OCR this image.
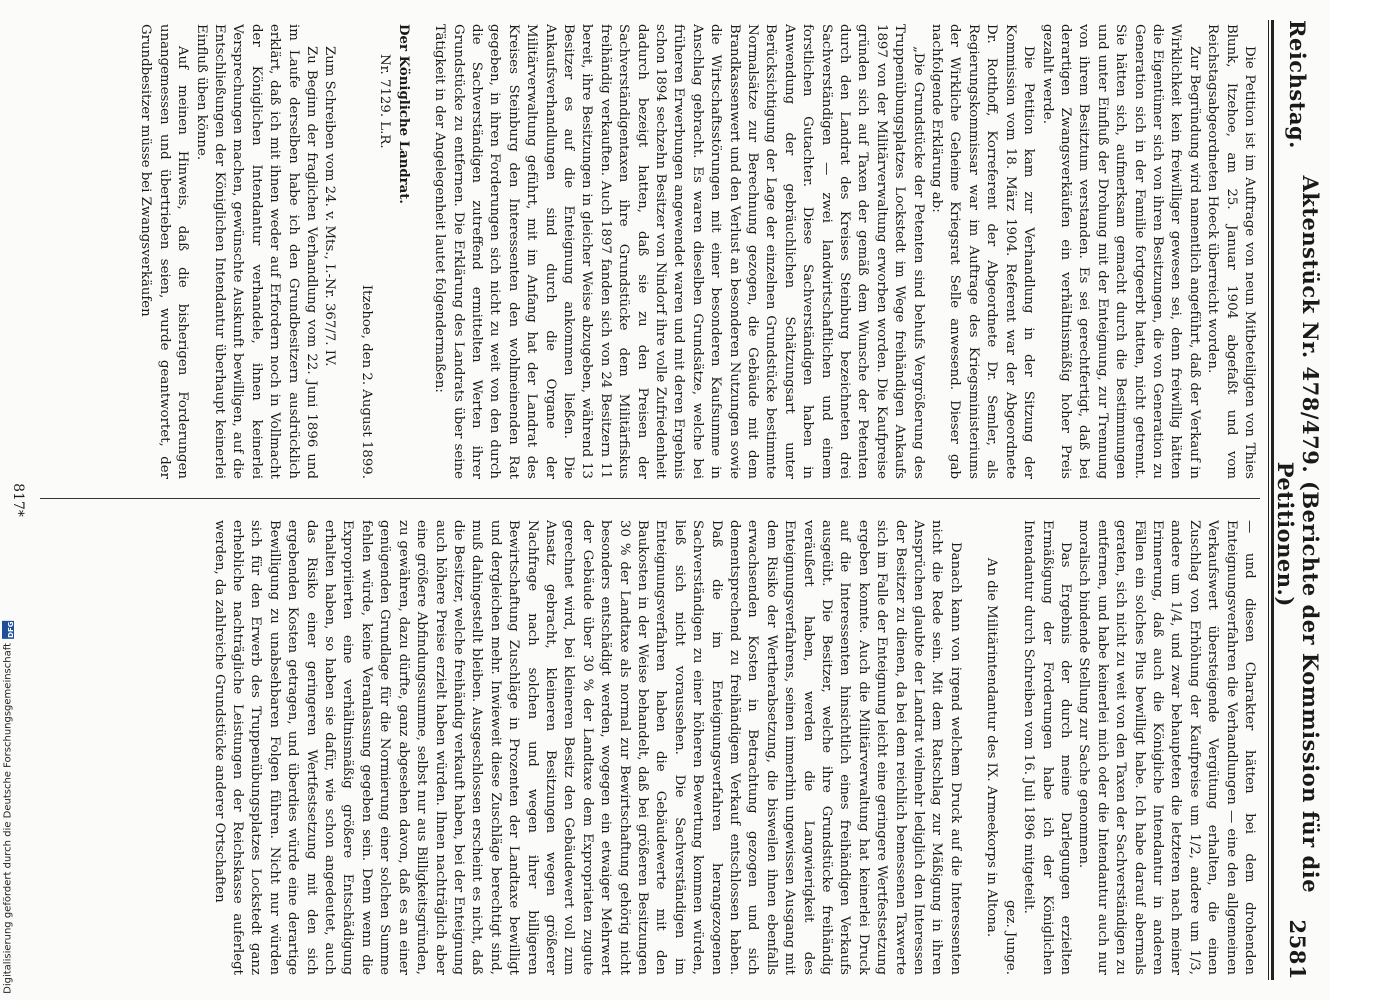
Reichstag.
Aktenstück Nr. 478/479. (Berichte der Kommission für die Petitionen.)
2581

Die Petition ist im Auftrage von neun Mitbeteiligten von Thies Blunk, Itzehoe, am 25. Januar 1904 abgefaßt und vom Reichstagsabgeordneten Hoeck überreicht worden.

Zur Begründung wird namentlich angeführt, daß der Verkauf in Wirklichkeit kein freiwilliger gewesen sei, denn freiwillig hätten die Eigentümer sich von ihren Besitzungen, die von Generation zu Generation sich in der Familie fortgeerbt hatten, nicht getrennt. Sie hätten sich, aufmerksam gemacht durch die Bestimmungen und unter Einfluß der Drohung mit der Enteignung, zur Trennung von ihrem Besitztum verstanden. Es sei gerechtfertigt, daß bei derartigen Zwangsverkäufen ein verhältnismäßig hoher Preis gezahlt werde.

Die Petition kam zur Verhandlung in der Sitzung der Kommission vom 18. März 1904. Referent war der Abgeordnete Dr. Rotthoff, Korreferent der Abgeordnete Dr. Semler, als Regierungskommissar war im Auftrage des Kriegsministeriums der Wirkliche Geheime Kriegsrat Selle anwesend. Dieser gab nachfolgende Erklärung ab:

„Die Grundstücke der Petenten sind behufs Vergrößerung des Truppenübungsplatzes Lockstedt im Wege freihändigen Ankaufs 1897 von der Militärverwaltung erworben worden. Die Kaufpreise gründen sich auf Taxen der gemäß dem Wunsche der Petenten durch den Landrat des Kreises Steinburg bezeichneten drei Sachverständigen — zwei landwirtschaftlichen und einem forstlichen Gutachter. Diese Sachverständigen haben in Anwendung der gebräuchlichen Schätzungsart unter Berücksichtigung der Lage der einzelnen Grundstücke bestimmte Normalsätze zur Berechnung gezogen, die Gebäude mit dem Brandkassenwert und den Verlust an besonderen Nutzungen sowie die Wirtschaftsstörungen mit einer besonderen Kaufsumme in Anschlag gebracht. Es waren dieselben Grundsätze, welche bei früheren Erwerbungen angewendet waren und mit deren Ergebnis schon 1894 sechzehn Besitzer von Nindorf ihre volle Zufriedenheit dadurch bezeigt hatten, daß sie zu den Preisen der Sachverständigentaxen ihre Grundstücke dem Militärfiskus freihändig verkauften. Auch 1897 fanden sich von 24 Besitzern 11 bereit, ihre Besitzungen in gleicher Weise abzugeben, während 13 Besitzer es auf die Enteignung ankommen ließen. Die Ankaufsverhandlungen sind durch die Organe der Militärverwaltung geführt, mit im Anfang hat der Landrat des Kreises Steinburg den Interessenten den wohlmeinenden Rat gegeben, in ihren Forderungen sich nicht zu weit von den durch die Sachverständigen zutreffend ermittelten Werten ihrer Grundstücke zu entfernen. Die Erklärung des Landrats über seine Tätigkeit in der Angelegenheit lautet folgendermaßen:

Der Königliche Landrat.

Nr. 7129. L.R.

Itzehoe, den 2. August 1899.

Zum Schreiben vom 24. v. Mts., I.-Nr. 367/7. IV.

Zu Beginn der fraglichen Verhandlung vom 22. Juni 1896 und im Laufe derselben habe ich den Grundbesitzern ausdrücklich erklärt, daß ich mit ihnen weder auf Erfordern noch in Vollmacht der Königlichen Intendantur verhandele, ihnen keinerlei Versprechungen machen, gewünschte Auskunft bewilligen, auf die Entschließungen der Königlichen Intendantur überhaupt keinerlei Einfluß üben könne.

Auf meinen Hinweis, daß die bisherigen Forderungen unangemessen und übertrieben seien, wurde geantwortet, der Grundbesitzer müsse bei Zwangsverkäufen

— und diesen Charakter hätten bei dem drohenden Enteignungsverfahren die Verhandlungen — eine den allgemeinen Verkaufswert übersteigende Vergütung erhalten, die einen Zuschlag von Erhöhung der Kaufpreise um 1/2, andere um 1/3, andere um 1/4, und zwar behaupteten die letzteren nach meiner Erinnerung, daß auch die Königliche Intendantur in anderen Fällen ein solches Plus bewilligt habe. Ich habe darauf abermals geraten, sich nicht zu weit von den Taxen der Sachverständigen zu entfernen, und habe keinerlei mich oder die Intendantur auch nur moralisch bindende Stellung zur Sache genommen.

Das Ergebnis der durch meine Darlegungen erzielten Ermäßigung der Forderungen habe ich der Königlichen Intendantur durch Schreiben vom 16. Juli 1896 mitgeteilt.

gez. Junge.

An die Militärintendantur des IX. Armeekorps in Altona.

Danach kann von irgend welchem Druck auf die Interessenten nicht die Rede sein. Mit dem Ratschlag zur Mäßigung in ihren Ansprüchen glaubte der Landrat vielmehr lediglich den Interessen der Besitzer zu dienen, da bei dem reichlich bemessenen Taxwerte sich im Falle der Enteignung leicht eine geringere Wertfestsetzung ergeben konnte. Auch die Militärverwaltung hat keinerlei Druck auf die Interessenten hinsichtlich eines freihändigen Verkaufs ausgeübt. Die Besitzer, welche ihre Grundstücke freihändig veräußert haben, werden die Langwierigkeit des Enteignungsverfahrens, seinen immerhin ungewissen Ausgang mit dem Risiko der Wertherabsetzung, die bisweilen ihnen ebenfalls erwachsenden Kosten in Betrachtung gezogen und sich dementsprechend zu freihändigem Verkauf entschlossen haben. Daß die im Enteignungsverfahren herangezogenen Sachverständigen zu einer höheren Bewertung kommen würden, ließ sich nicht voraussehen. Die Sachverständigen im Enteignungsverfahren haben die Gebäudewerte mit den Baukosten in der Weise behandelt, daß bei größeren Besitzungen 30 % der Landtaxe als normal zur Bewirtschaftung gehörig nicht besonders entschädigt werden, wogegen ein etwaiger Mehrwert der Gebäude über 30 % der Landtaxe dem Expropriaten zugute gerechnet wird, bei kleineren Besitz den Gebäudewert voll zum Ansatz gebracht, kleineren Besitzungen wegen größerer Nachfrage nach solchen und wegen ihrer billigeren Bewirtschaftung Zuschläge in Prozenten der Landtaxe bewilligt und dergleichen mehr. Inwieweit diese Zuschläge berechtigt sind, muß dahingestellt bleiben. Ausgeschlossen erscheint es nicht, daß die Besitzer, welche freihändig verkauft haben, bei der Enteignung auch höhere Preise erzielt haben würden. Ihnen nachträglich aber eine größere Abfindungssumme, selbst nur aus Billigkeitsgründen, zu gewähren, dazu dürfte, ganz abgesehen davon, daß es an einer genügenden Grundlage für die Normierung einer solchen Summe fehlen würde, keine Veranlassung gegeben sein. Denn wenn die Expropriierten eine verhältnismäßig größere Entschädigung erhalten haben, so haben sie dafür, wie schon angedeutet, auch das Risiko einer geringeren Wertfestsetzung mit den sich ergebenden Kosten getragen, und überdies würde eine derartige Bewilligung zu unabsehbaren Folgen führen. Nicht nur würden sich für den Erwerb des Truppenübungsplatzes Lockstedt ganz erhebliche nachträgliche Leistungen der Reichskasse auferlegt werden, da zahlreiche Grundstücke anderer Ortschaften

817*
Digitalisierung gefördert durch die Deutsche Forschungsgemeinschaft
DFG
